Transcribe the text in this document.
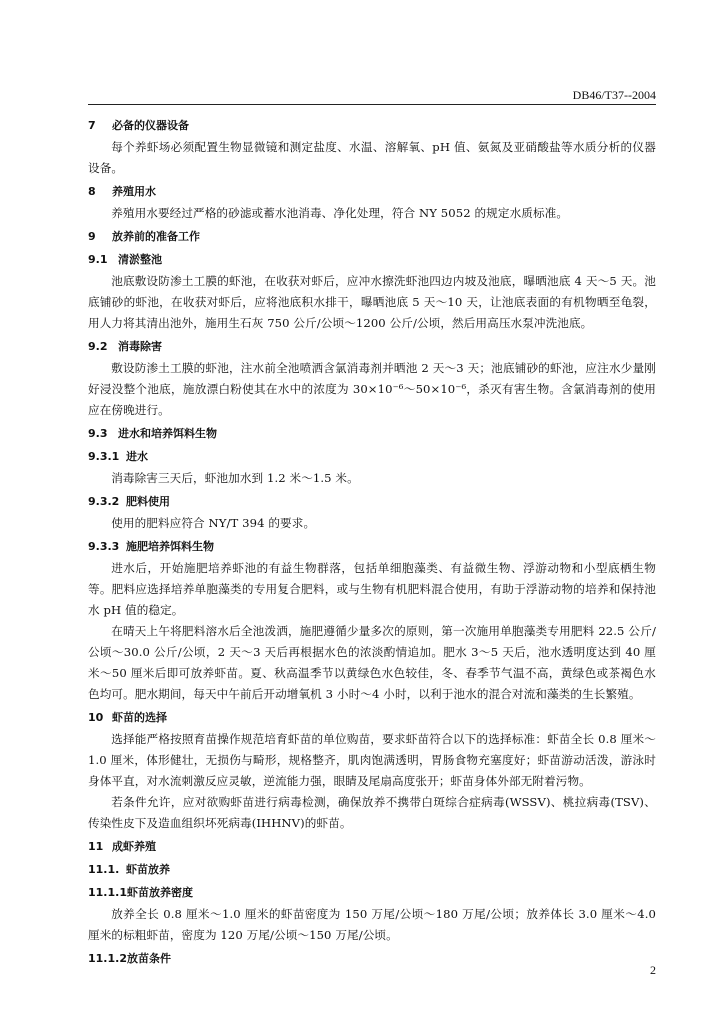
DB46/T37--2004
7 必备的仪器设备

每个养虾场必须配置生物显微镜和测定盐度、水温、溶解氧、pH 值、氨氮及亚硝酸盐等水质分析的仪器设备。

8 养殖用水

养殖用水要经过严格的砂滤或蓄水池消毒、净化处理，符合 NY 5052 的规定水质标准。

9 放养前的准备工作
9.1 清淤整池

池底敷设防渗土工膜的虾池，在收获对虾后，应冲水擦洗虾池四边内坡及池底，曝晒池底 4 天～5 天。池底铺砂的虾池，在收获对虾后，应将池底积水排干，曝晒池底 5 天～10 天，让池底表面的有机物晒至龟裂，用人力将其清出池外，施用生石灰 750 公斤/公顷～1200 公斤/公顷，然后用高压水泵冲洗池底。

9.2 消毒除害

敷设防渗土工膜的虾池，注水前全池喷洒含氯消毒剂并晒池 2 天～3 天；池底铺砂的虾池，应注水少量刚好浸没整个池底，施放漂白粉使其在水中的浓度为 30×10⁻⁶～50×10⁻⁶，杀灭有害生物。含氯消毒剂的使用应在傍晚进行。

9.3 进水和培养饵料生物
9.3.1 进水

消毒除害三天后，虾池加水到 1.2 米～1.5 米。

9.3.2 肥料使用

使用的肥料应符合 NY/T 394 的要求。

9.3.3 施肥培养饵料生物

进水后，开始施肥培养虾池的有益生物群落，包括单细胞藻类、有益微生物、浮游动物和小型底栖生物等。肥料应选择培养单胞藻类的专用复合肥料，或与生物有机肥料混合使用，有助于浮游动物的培养和保持池水 pH 值的稳定。

在晴天上午将肥料溶水后全池泼洒，施肥遵循少量多次的原则，第一次施用单胞藻类专用肥料 22.5 公斤/公顷～30.0 公斤/公顷，2 天～3 天后再根据水色的浓淡酌情追加。肥水 3～5 天后，池水透明度达到 40 厘米～50 厘米后即可放养虾苗。夏、秋高温季节以黄绿色水色较佳，冬、春季节气温不高，黄绿色或茶褐色水色均可。肥水期间，每天中午前后开动增氧机 3 小时～4 小时，以利于池水的混合对流和藻类的生长繁殖。

10 虾苗的选择

选择能严格按照育苗操作规范培育虾苗的单位购苗，要求虾苗符合以下的选择标准：虾苗全长 0.8 厘米～1.0 厘米，体形健壮，无损伤与畸形，规格整齐，肌肉饱满透明，胃肠食物充塞度好；虾苗游动活泼，游泳时身体平直，对水流刺激反应灵敏，逆流能力强，眼睛及尾扇高度张开；虾苗身体外部无附着污物。

若条件允许，应对欲购虾苗进行病毒检测，确保放养不携带白斑综合症病毒(WSSV)、桃拉病毒(TSV)、传染性皮下及造血组织坏死病毒(IHHNV)的虾苗。

11 成虾养殖
11.1. 虾苗放养
11.1.1虾苗放养密度

放养全长 0.8 厘米～1.0 厘米的虾苗密度为 150 万尾/公顷～180 万尾/公顷；放养体长 3.0 厘米～4.0 厘米的标粗虾苗，密度为 120 万尾/公顷～150 万尾/公顷。

11.1.2放苗条件
2
